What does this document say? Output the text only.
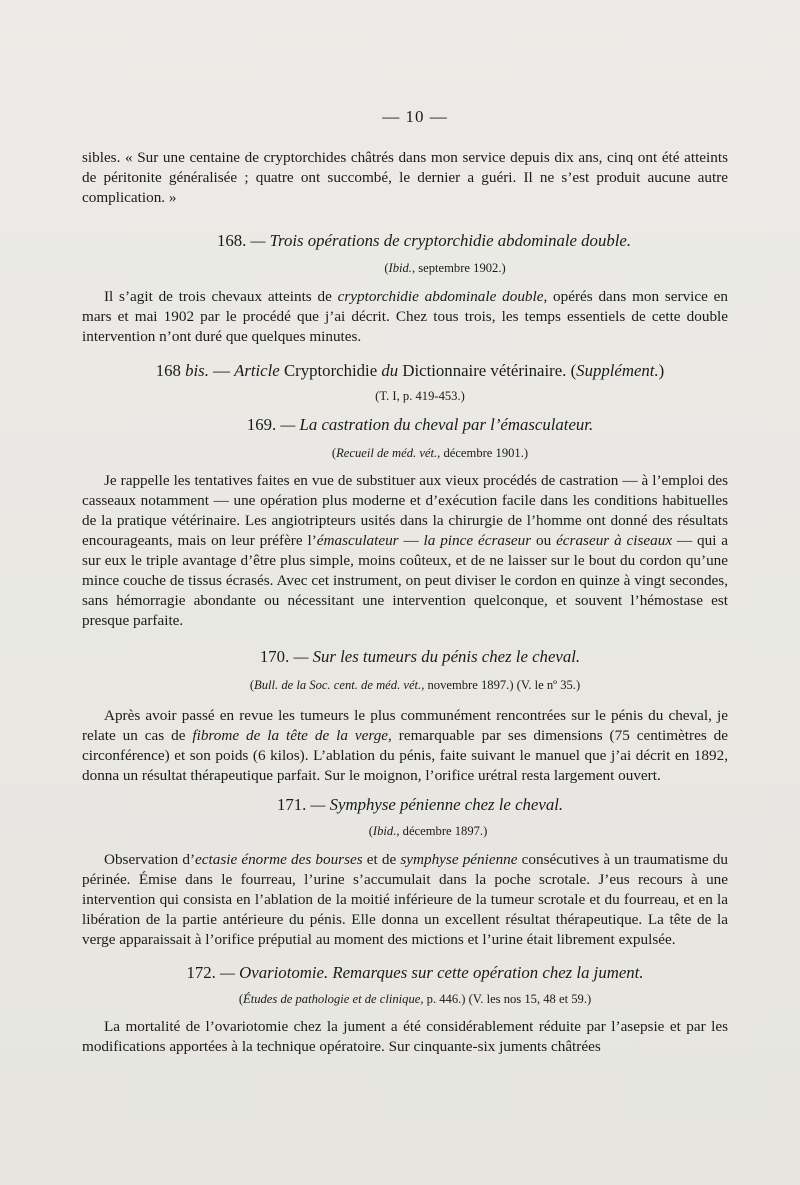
— 10 —

sibles. « Sur une centaine de cryptorchides châtrés dans mon service depuis dix ans, cinq ont été atteints de péritonite généralisée ; quatre ont succombé, le dernier a guéri. Il ne s’est produit aucune autre complication. »

168. — Trois opérations de cryptorchidie abdominale double.

(Ibid., septembre 1902.)

Il s’agit de trois chevaux atteints de cryptorchidie abdominale double, opérés dans mon service en mars et mai 1902 par le procédé que j’ai décrit. Chez tous trois, les temps essentiels de cette double intervention n’ont duré que quelques minutes.

168 bis. — Article Cryptorchidie du Dictionnaire vétérinaire. (Supplément.)

(T. I, p. 419-453.)

169. — La castration du cheval par l’émasculateur.

(Recueil de méd. vét., décembre 1901.)

Je rappelle les tentatives faites en vue de substituer aux vieux procédés de castration — à l’emploi des casseaux notamment — une opération plus moderne et d’exécution facile dans les conditions habituelles de la pratique vétérinaire. Les angiotripteurs usités dans la chirurgie de l’homme ont donné des résultats encourageants, mais on leur préfère l’émasculateur — la pince écraseur ou écraseur à ciseaux — qui a sur eux le triple avantage d’être plus simple, moins coûteux, et de ne laisser sur le bout du cordon qu’une mince couche de tissus écrasés. Avec cet instrument, on peut diviser le cordon en quinze à vingt secondes, sans hémorragie abondante ou nécessitant une intervention quelconque, et souvent l’hémostase est presque parfaite.

170. — Sur les tumeurs du pénis chez le cheval.

(Bull. de la Soc. cent. de méd. vét., novembre 1897.) (V. le nº 35.)

Après avoir passé en revue les tumeurs le plus communément rencontrées sur le pénis du cheval, je relate un cas de fibrome de la tête de la verge, remarquable par ses dimensions (75 centimètres de circonférence) et son poids (6 kilos). L’ablation du pénis, faite suivant le manuel que j’ai décrit en 1892, donna un résultat thérapeutique parfait. Sur le moignon, l’orifice urétral resta largement ouvert.

171. — Symphyse pénienne chez le cheval.

(Ibid., décembre 1897.)

Observation d’ectasie énorme des bourses et de symphyse pénienne consécutives à un traumatisme du périnée. Émise dans le fourreau, l’urine s’accumulait dans la poche scrotale. J’eus recours à une intervention qui consista en l’ablation de la moitié inférieure de la tumeur scrotale et du fourreau, et en la libération de la partie antérieure du pénis. Elle donna un excellent résultat thérapeutique. La tête de la verge apparaissait à l’orifice préputial au moment des mictions et l’urine était librement expulsée.

172. — Ovariotomie. Remarques sur cette opération chez la jument.

(Études de pathologie et de clinique, p. 446.) (V. les nos 15, 48 et 59.)

La mortalité de l’ovariotomie chez la jument a été considérablement réduite par l’asepsie et par les modifications apportées à la technique opératoire. Sur cinquante-six juments châtrées
